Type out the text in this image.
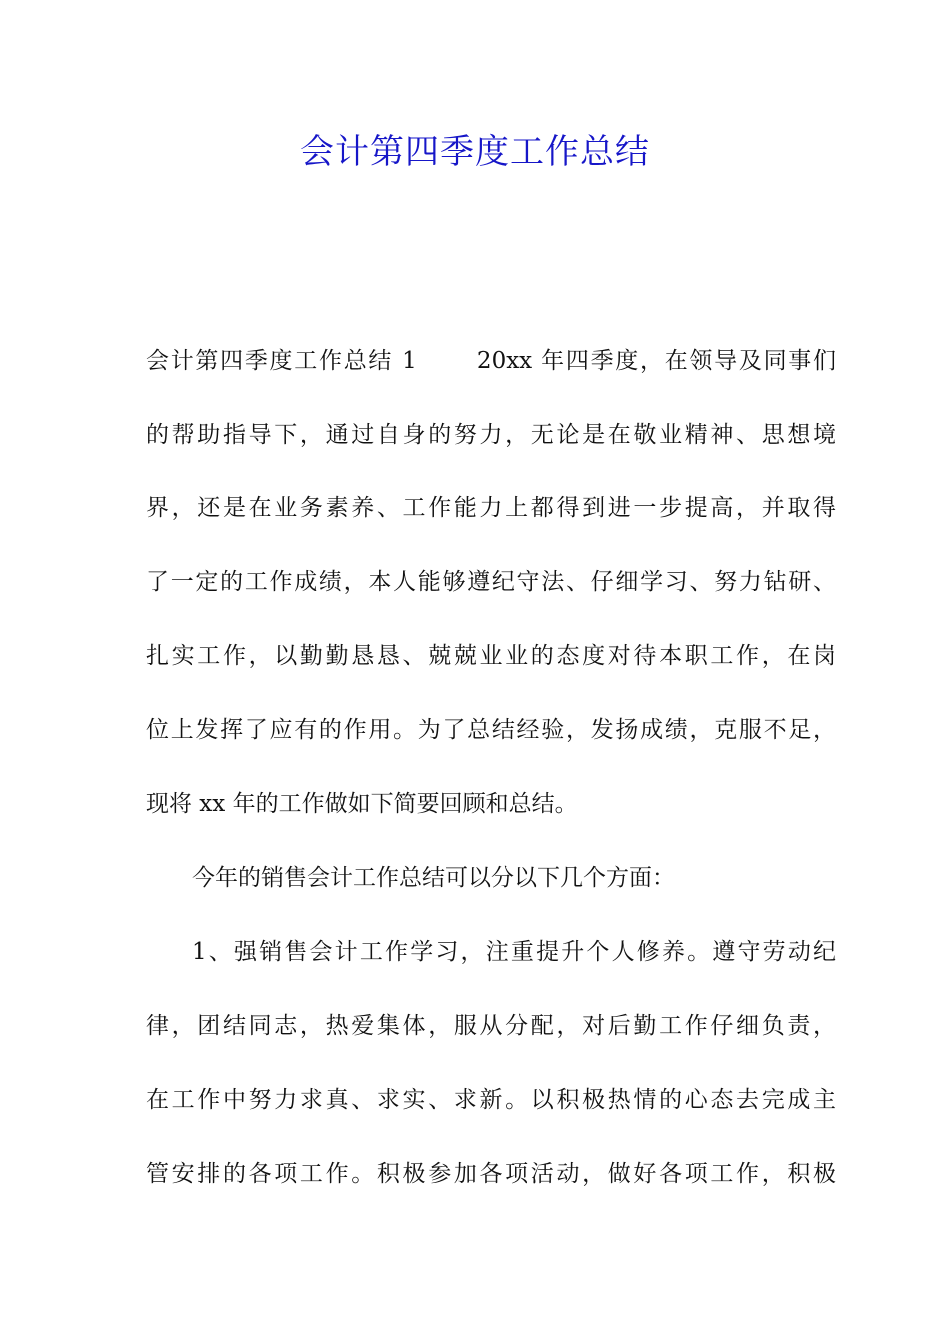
会计第四季度工作总结
会计第四季度工作总结 1　　 20xx 年四季度，在领导及同事们
的帮助指导下，通过自身的努力，无论是在敬业精神、思想境
界，还是在业务素养、工作能力上都得到进一步提高，并取得
了一定的工作成绩，本人能够遵纪守法、仔细学习、努力钻研、
扎实工作，以勤勤恳恳、兢兢业业的态度对待本职工作，在岗
位上发挥了应有的作用。为了总结经验，发扬成绩，克服不足，
现将 xx 年的工作做如下简要回顾和总结。
今年的销售会计工作总结可以分以下几个方面：
1、强销售会计工作学习，注重提升个人修养。遵守劳动纪
律，团结同志，热爱集体，服从分配，对后勤工作仔细负责，
在工作中努力求真、求实、求新。以积极热情的心态去完成主
管安排的各项工作。积极参加各项活动，做好各项工作，积极
